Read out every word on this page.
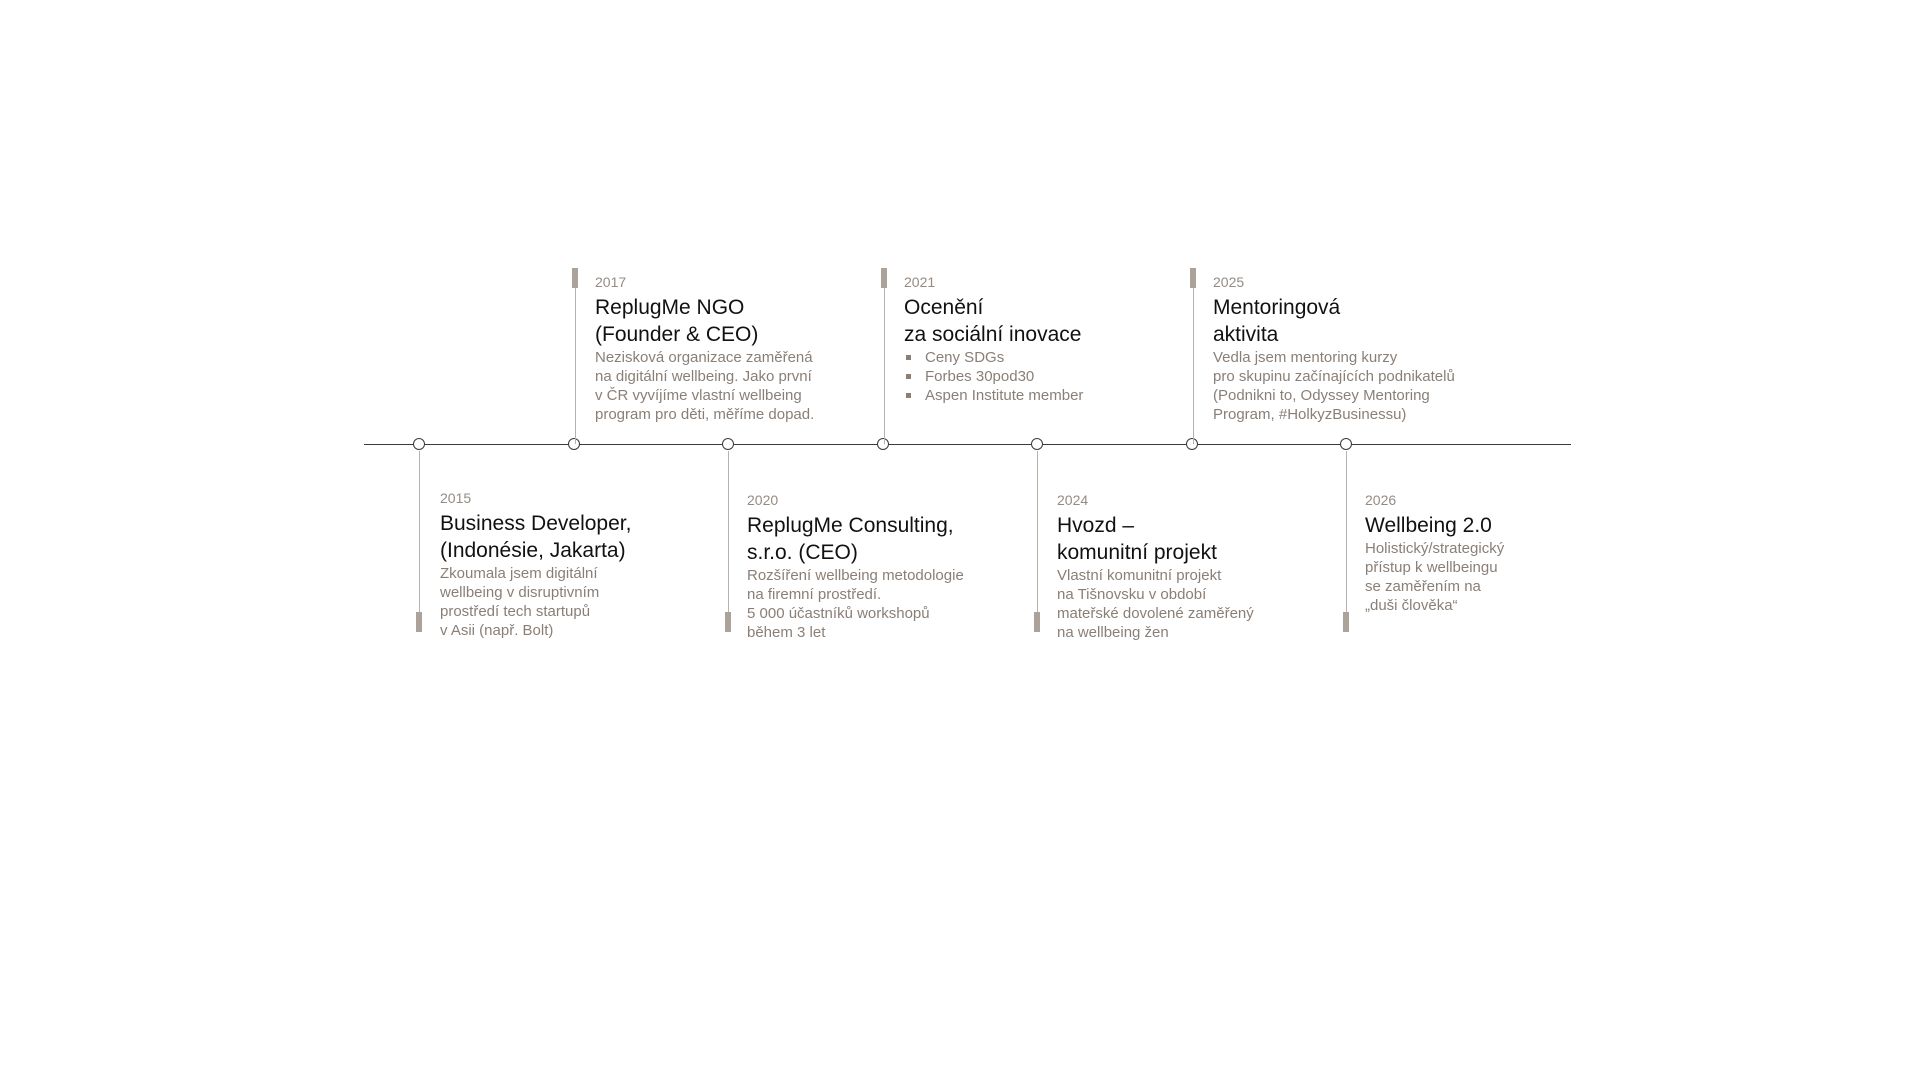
2017
ReplugMe NGO
(Founder & CEO)
Nezisková organizace zaměřená
na digitální wellbeing. Jako první
v ČR vyvíjíme vlastní wellbeing
program pro děti, měříme dopad.
2021
Ocenění
za sociální inovace
Ceny SDGs
Forbes 30pod30
Aspen Institute member
2025
Mentoringová
aktivita
Vedla jsem mentoring kurzy
pro skupinu začínajících podnikatelů
(Podnikni to, Odyssey Mentoring
Program, #HolkyzBusinessu)
2015
Business Developer,
(Indonésie, Jakarta)
Zkoumala jsem digitální
wellbeing v disruptivním
prostředí tech startupů
v Asii (např. Bolt)
2020
ReplugMe Consulting,
s.r.o. (CEO)
Rozšíření wellbeing metodologie
na firemní prostředí.
5 000 účastníků workshopů
během 3 let
2024
Hvozd –
komunitní projekt
Vlastní komunitní projekt
na Tišnovsku v období
mateřské dovolené zaměřený
na wellbeing žen
2026
Wellbeing 2.0
Holistický/strategický
přístup k wellbeingu
se zaměřením na
„duši člověka“
